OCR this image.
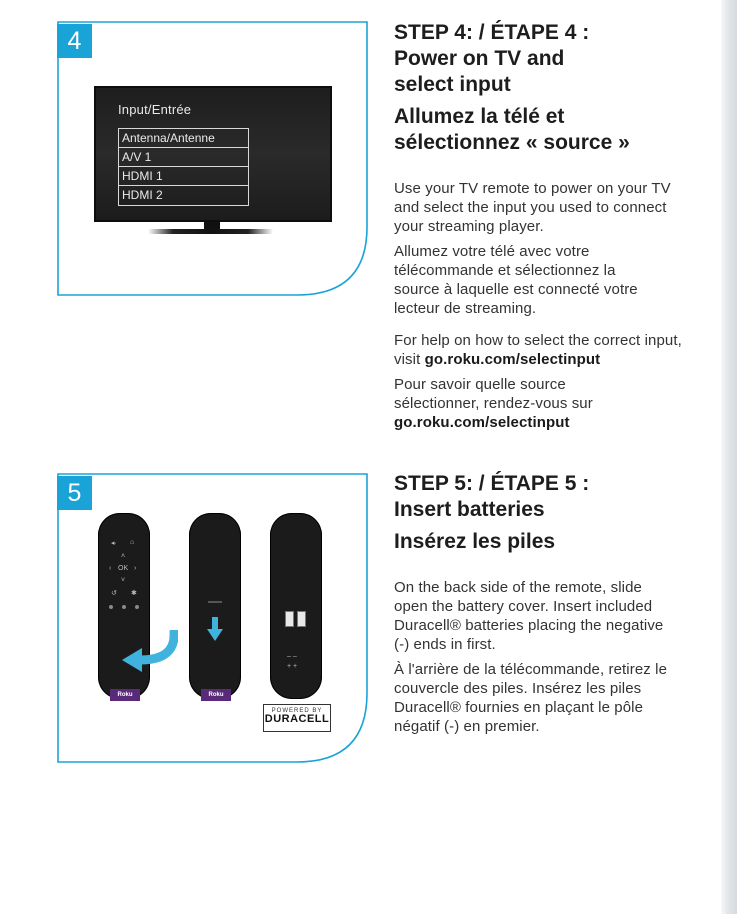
4
Input/Entrée
Antenna/Antenne
A/V 1
HDMI 1
HDMI 2
STEP 4: / ÉTAPE 4 :
Power on TV and
select input
Allumez la télé et
sélectionnez « source »

Use your TV remote to power on your TV and select the input you used to connect your streaming player.

Allumez votre télé avec votre télécommande et sélectionnez la source à laquelle est connecté votre lecteur de streaming.

For help on how to select the correct input, visit go.roku.com/selectinput

Pour savoir quelle source sélectionner, rendez-vous sur go.roku.com/selectinput

5
◂· ⌂
˄
‹ OK ›
˅
↺ ✱
Roku	Roku
– –
+ +
POWERED BY
DURACELL
STEP 5: / ÉTAPE 5 :
Insert batteries
Insérez les piles

On the back side of the remote, slide open the battery cover. Insert included Duracell® batteries placing the negative (-) ends in first.

À l'arrière de la télécommande, retirez le couvercle des piles. Insérez les piles Duracell® fournies en plaçant le pôle négatif (-) en premier.
